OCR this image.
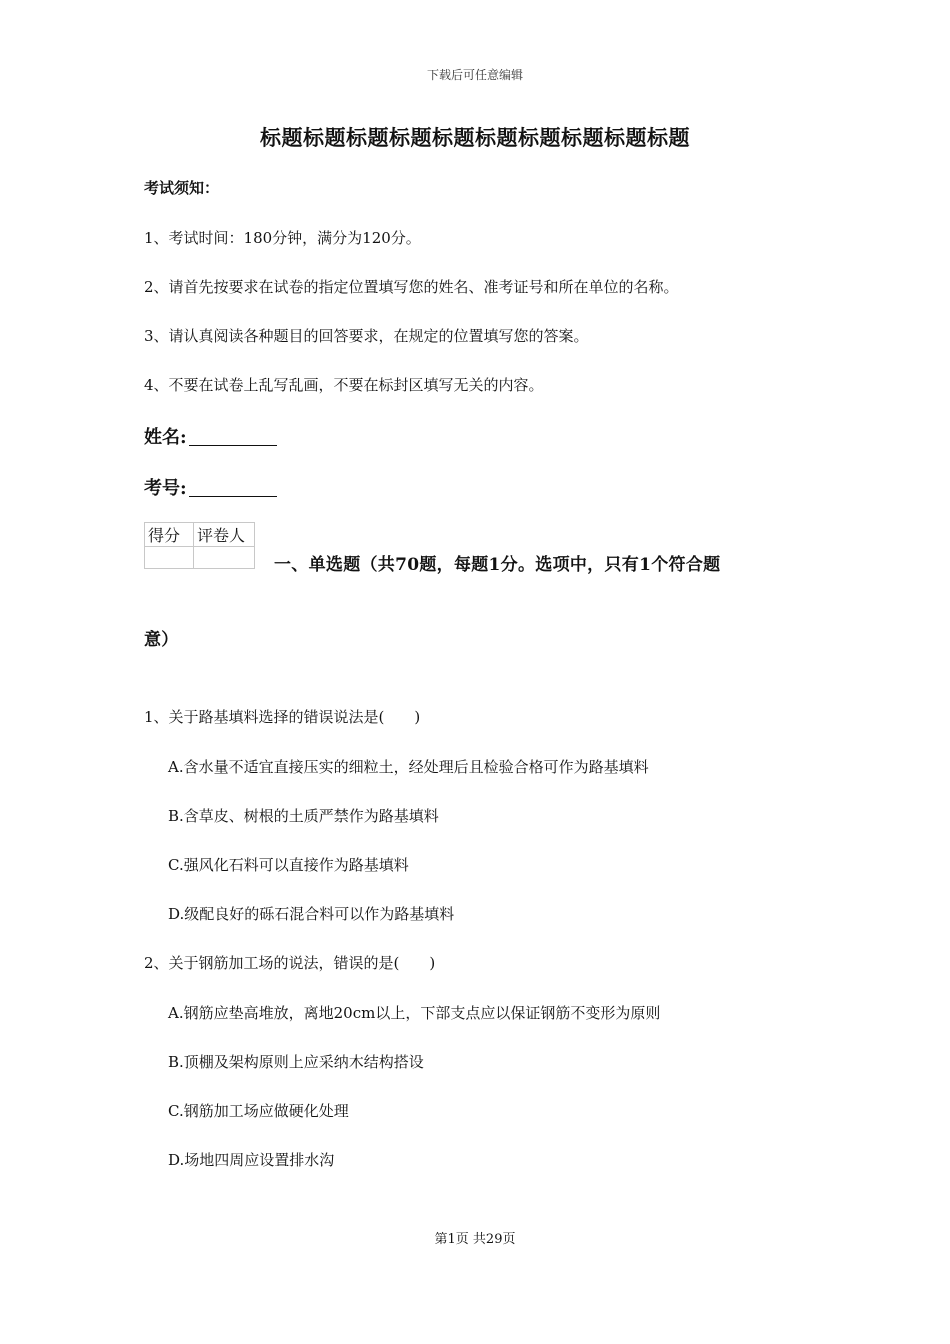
下载后可任意编辑
标题标题标题标题标题标题标题标题标题标题
考试须知：
1、考试时间：180分钟，满分为120分。
2、请首先按要求在试卷的指定位置填写您的姓名、准考证号和所在单位的名称。
3、请认真阅读各种题目的回答要求，在规定的位置填写您的答案。
4、不要在试卷上乱写乱画，不要在标封区填写无关的内容。
姓名:
考号:
得分	评卷人

一、单选题（共70题，每题1分。选项中，只有1个符合题
意）
1、关于路基填料选择的错误说法是(　　)
A.含水量不适宜直接压实的细粒土，经处理后且检验合格可作为路基填料
B.含草皮、树根的土质严禁作为路基填料
C.强风化石料可以直接作为路基填料
D.级配良好的砾石混合料可以作为路基填料
2、关于钢筋加工场的说法，错误的是(　　)
A.钢筋应垫高堆放，离地20cm以上，下部支点应以保证钢筋不变形为原则
B.顶棚及架构原则上应采纳木结构搭设
C.钢筋加工场应做硬化处理
D.场地四周应设置排水沟
第1页 共29页
